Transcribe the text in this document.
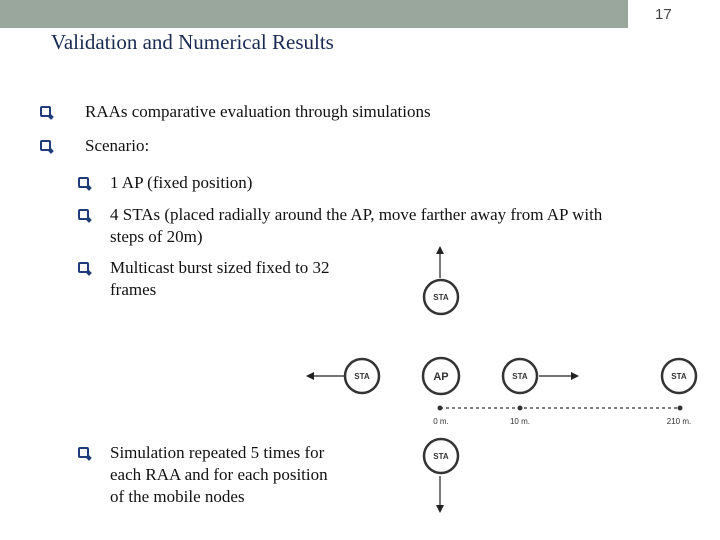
17
Validation and Numerical Results
RAAs comparative evaluation through simulations
Scenario:
1 AP (fixed position)
4 STAs (placed radially around the AP, move farther away from AP with
steps of 20m)
Multicast burst sized fixed to 32
frames
Simulation repeated 5 times for
each RAA and for each position
of the mobile nodes
0 m.	10 m.	210 m.
STA
STA	AP	STA	STA
STA
